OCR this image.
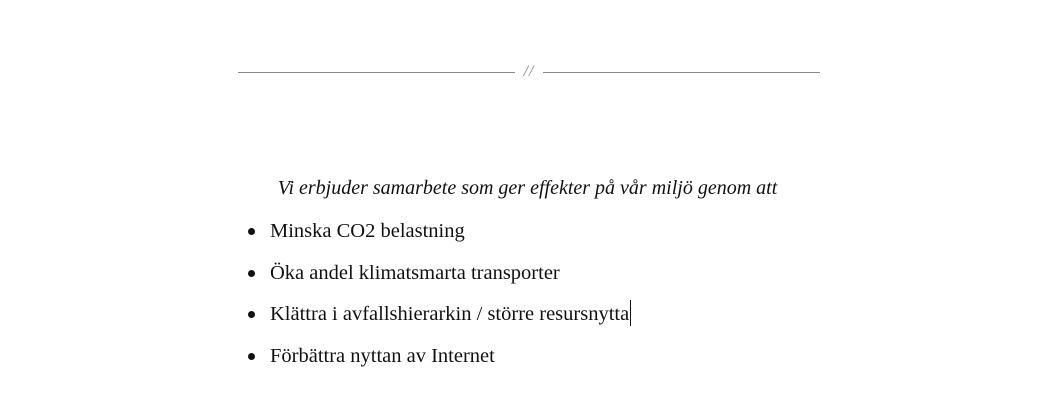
//

Vi erbjuder samarbete som ger effekter på vår miljö genom att

Minska CO2 belastning
Öka andel klimatsmarta transporter
Klättra i avfallshierarkin / större resursnytta
Förbättra nyttan av Internet
